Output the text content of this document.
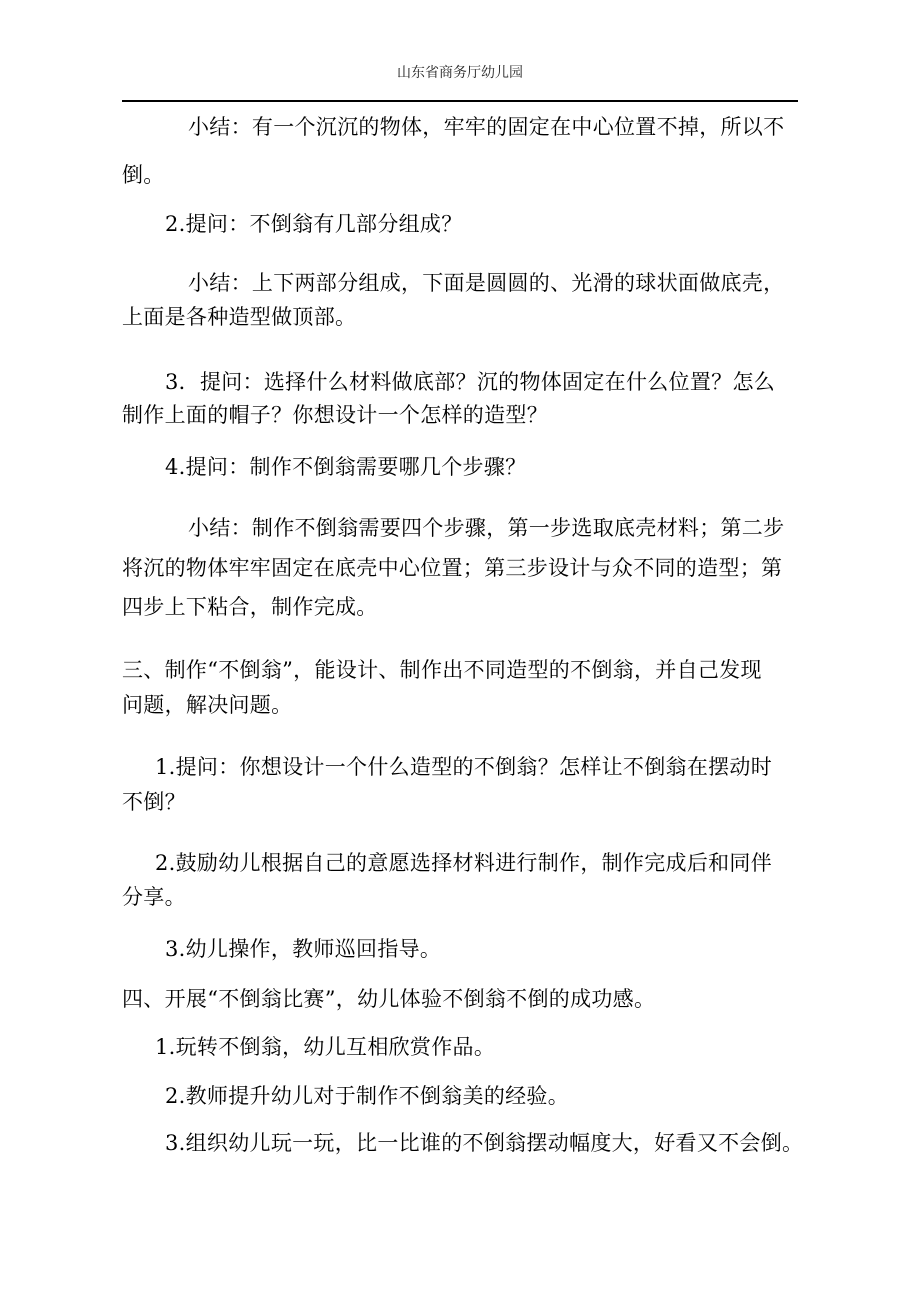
山东省商务厅幼儿园
小结：有一个沉沉的物体，牢牢的固定在中心位置不掉，所以不
倒。
2.提问：不倒翁有几部分组成？
小结：上下两部分组成，下面是圆圆的、光滑的球状面做底壳，
上面是各种造型做顶部。
3．提问：选择什么材料做底部？沉的物体固定在什么位置？怎么
制作上面的帽子？你想设计一个怎样的造型？
4.提问：制作不倒翁需要哪几个步骤？
小结：制作不倒翁需要四个步骤，第一步选取底壳材料；第二步
将沉的物体牢牢固定在底壳中心位置；第三步设计与众不同的造型；第
四步上下粘合，制作完成。
三、制作“不倒翁”，能设计、制作出不同造型的不倒翁，并自己发现
问题，解决问题。
1.提问：你想设计一个什么造型的不倒翁？怎样让不倒翁在摆动时
不倒？
2.鼓励幼儿根据自己的意愿选择材料进行制作，制作完成后和同伴
分享。
3.幼儿操作，教师巡回指导。
四、开展“不倒翁比赛”，幼儿体验不倒翁不倒的成功感。
1.玩转不倒翁，幼儿互相欣赏作品。
2.教师提升幼儿对于制作不倒翁美的经验。
3.组织幼儿玩一玩，比一比谁的不倒翁摆动幅度大，好看又不会倒。
